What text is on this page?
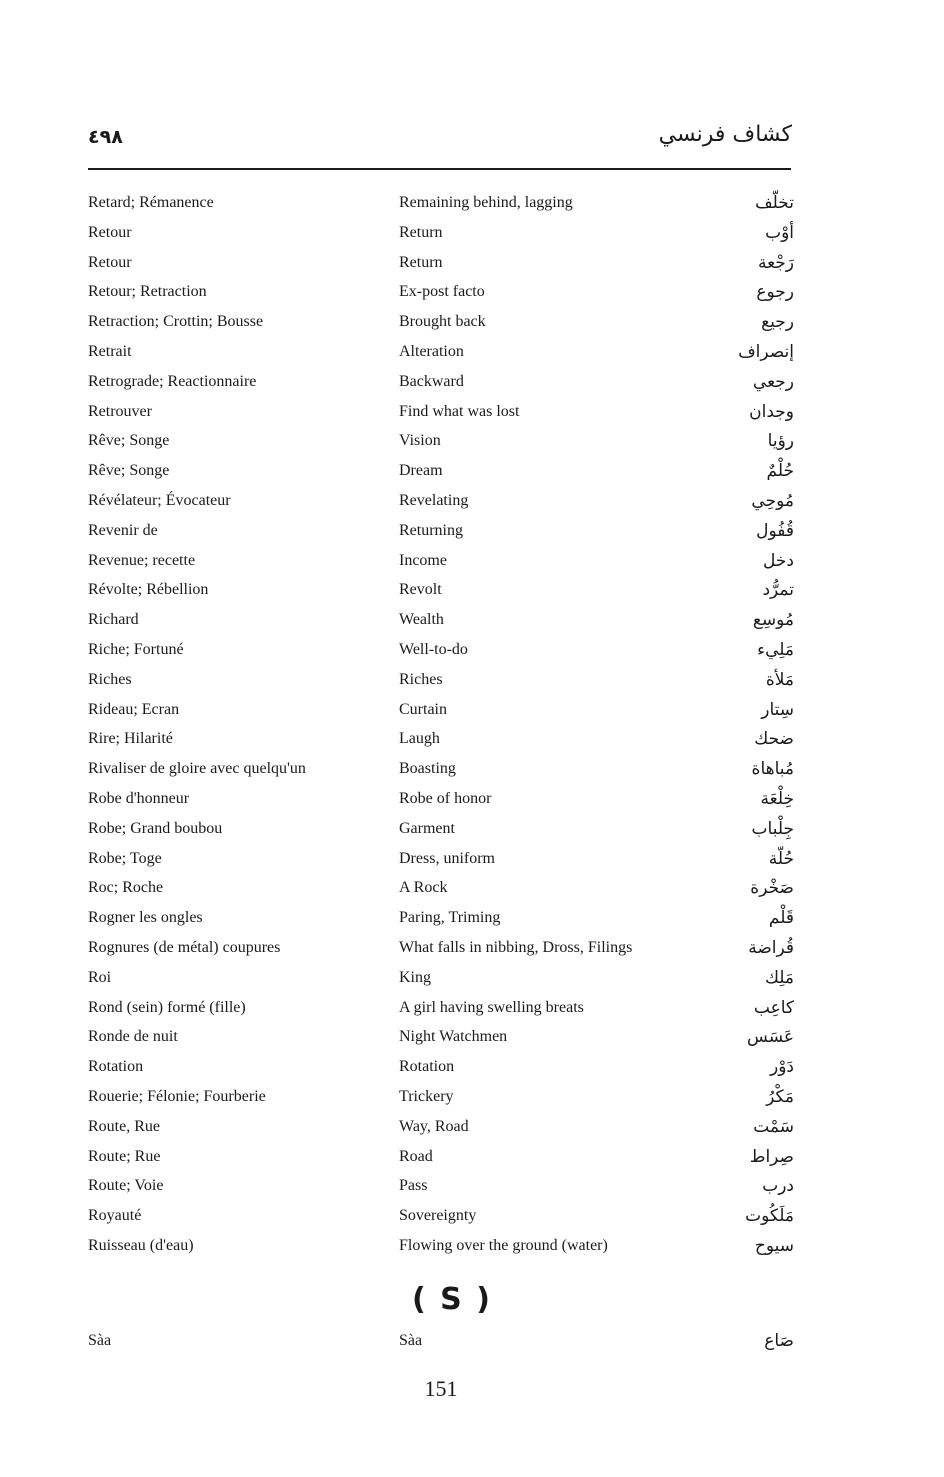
٤٩٨	كشاف فرنسي
Retard; Rémanence	Remaining behind, lagging	تخلّف
Retour	Return	أوْب
Retour	Return	رَجْعة
Retour; Retraction	Ex-post facto	رجوع
Retraction; Crottin; Bousse	Brought back	رجيع
Retrait	Alteration	إنصراف
Retrograde; Reactionnaire	Backward	رجعي
Retrouver	Find what was lost	وجدان
Rêve; Songe	Vision	رؤيا
Rêve; Songe	Dream	حُلْمٌ
Révélateur; Évocateur	Revelating	مُوحِي
Revenir de	Returning	قُفُول
Revenue; recette	Income	دخل
Révolte; Rébellion	Revolt	تمرُّد
Richard	Wealth	مُوسِع
Riche; Fortuné	Well-to-do	مَلِيء
Riches	Riches	مَلأة
Rideau; Ecran	Curtain	سِتار
Rire; Hilarité	Laugh	ضحك
Rivaliser de gloire avec quelqu'un	Boasting	مُباهاة
Robe d'honneur	Robe of honor	خِلْعَة
Robe; Grand boubou	Garment	جِلْباب
Robe; Toge	Dress, uniform	حُلّة
Roc; Roche	A Rock	صَخْرة
Rogner les ongles	Paring, Triming	قَلْم
Rognures (de métal) coupures	What falls in nibbing, Dross, Filings	قُراضة
Roi	King	مَلِك
Rond (sein) formé (fille)	A girl having swelling breats	كاعِب
Ronde de nuit	Night Watchmen	عَسَس
Rotation	Rotation	دَوْر
Rouerie; Félonie; Fourberie	Trickery	مَكْرُ
Route, Rue	Way, Road	سَمْت
Route; Rue	Road	صِراط
Route; Voie	Pass	درب
Royauté	Sovereignty	مَلَكُوت
Ruisseau (d'eau)	Flowing over the ground (water)	سيوح
( S )
Sàa	Sàa	صَاع
151
